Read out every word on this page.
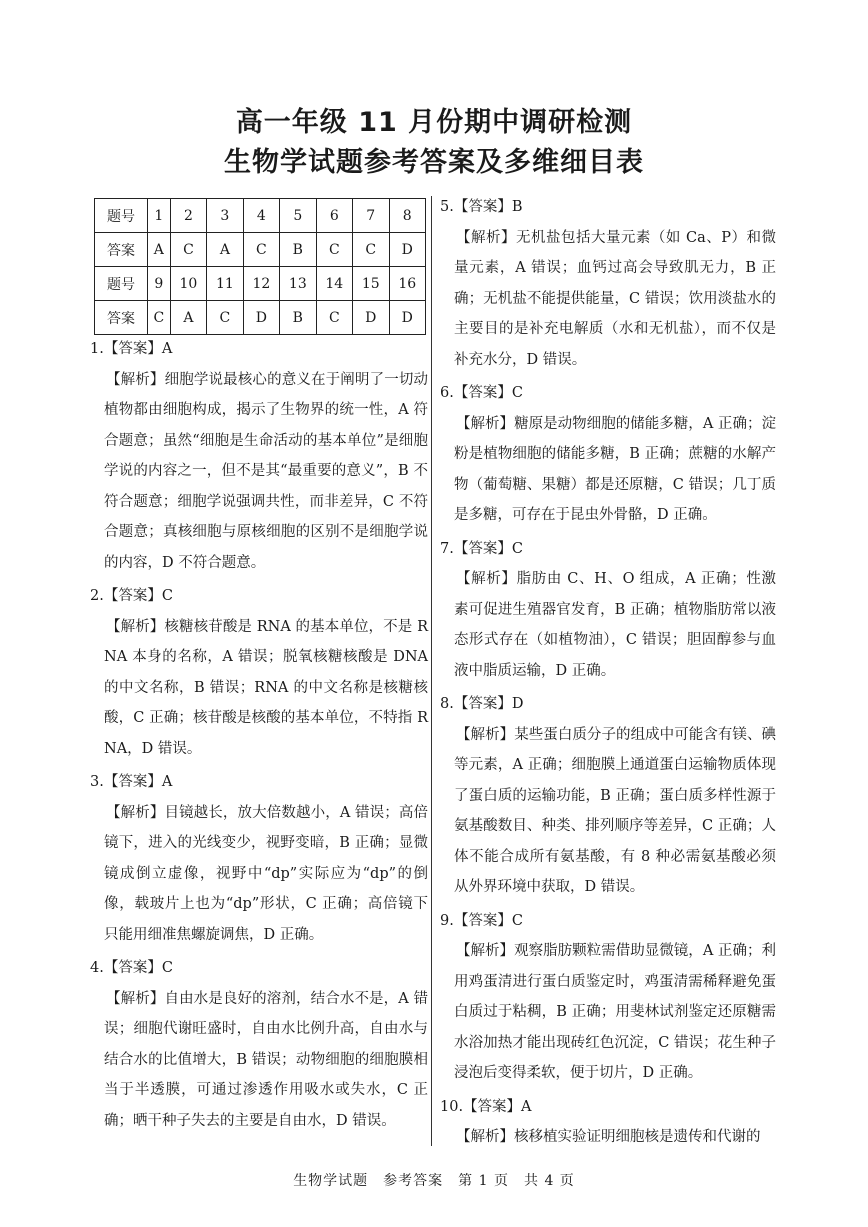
高一年级 11 月份期中调研检测
生物学试题参考答案及多维细目表
题号	1	2	3	4	5	6	7	8
答案	A	C	A	C	B	C	C	D
题号	9	10	11	12	13	14	15	16
答案	C	A	C	D	B	C	D	D

1.【答案】A

【解析】细胞学说最核心的意义在于阐明了一切动植物都由细胞构成，揭示了生物界的统一性，A 符合题意；虽然“细胞是生命活动的基本单位”是细胞学说的内容之一，但不是其“最重要的意义”，B 不符合题意；细胞学说强调共性，而非差异，C 不符合题意；真核细胞与原核细胞的区别不是细胞学说的内容，D 不符合题意。

2.【答案】C

【解析】核糖核苷酸是 RNA 的基本单位，不是 RNA 本身的名称，A 错误；脱氧核糖核酸是 DNA 的中文名称，B 错误；RNA 的中文名称是核糖核酸，C 正确；核苷酸是核酸的基本单位，不特指 RNA，D 错误。

3.【答案】A

【解析】目镜越长，放大倍数越小，A 错误；高倍镜下，进入的光线变少，视野变暗，B 正确；显微镜成倒立虚像，视野中“dp”实际应为“dp”的倒像，载玻片上也为“dp”形状，C 正确；高倍镜下只能用细准焦螺旋调焦，D 正确。

4.【答案】C

【解析】自由水是良好的溶剂，结合水不是，A 错误；细胞代谢旺盛时，自由水比例升高，自由水与结合水的比值增大，B 错误；动物细胞的细胞膜相当于半透膜，可通过渗透作用吸水或失水，C 正确；晒干种子失去的主要是自由水，D 错误。

5.【答案】B

【解析】无机盐包括大量元素（如 Ca、P）和微量元素，A 错误；血钙过高会导致肌无力，B 正确；无机盐不能提供能量，C 错误；饮用淡盐水的主要目的是补充电解质（水和无机盐），而不仅是补充水分，D 错误。

6.【答案】C

【解析】糖原是动物细胞的储能多糖，A 正确；淀粉是植物细胞的储能多糖，B 正确；蔗糖的水解产物（葡萄糖、果糖）都是还原糖，C 错误；几丁质是多糖，可存在于昆虫外骨骼，D 正确。

7.【答案】C

【解析】脂肪由 C、H、O 组成，A 正确；性激素可促进生殖器官发育，B 正确；植物脂肪常以液态形式存在（如植物油），C 错误；胆固醇参与血液中脂质运输，D 正确。

8.【答案】D

【解析】某些蛋白质分子的组成中可能含有镁、碘等元素，A 正确；细胞膜上通道蛋白运输物质体现了蛋白质的运输功能，B 正确；蛋白质多样性源于氨基酸数目、种类、排列顺序等差异，C 正确；人体不能合成所有氨基酸，有 8 种必需氨基酸必须从外界环境中获取，D 错误。

9.【答案】C

【解析】观察脂肪颗粒需借助显微镜，A 正确；利用鸡蛋清进行蛋白质鉴定时，鸡蛋清需稀释避免蛋白质过于粘稠，B 正确；用斐林试剂鉴定还原糖需水浴加热才能出现砖红色沉淀，C 错误；花生种子浸泡后变得柔软，便于切片，D 正确。

10.【答案】A

【解析】核移植实验证明细胞核是遗传和代谢的

生物学试题　参考答案　第 1 页　共 4 页
